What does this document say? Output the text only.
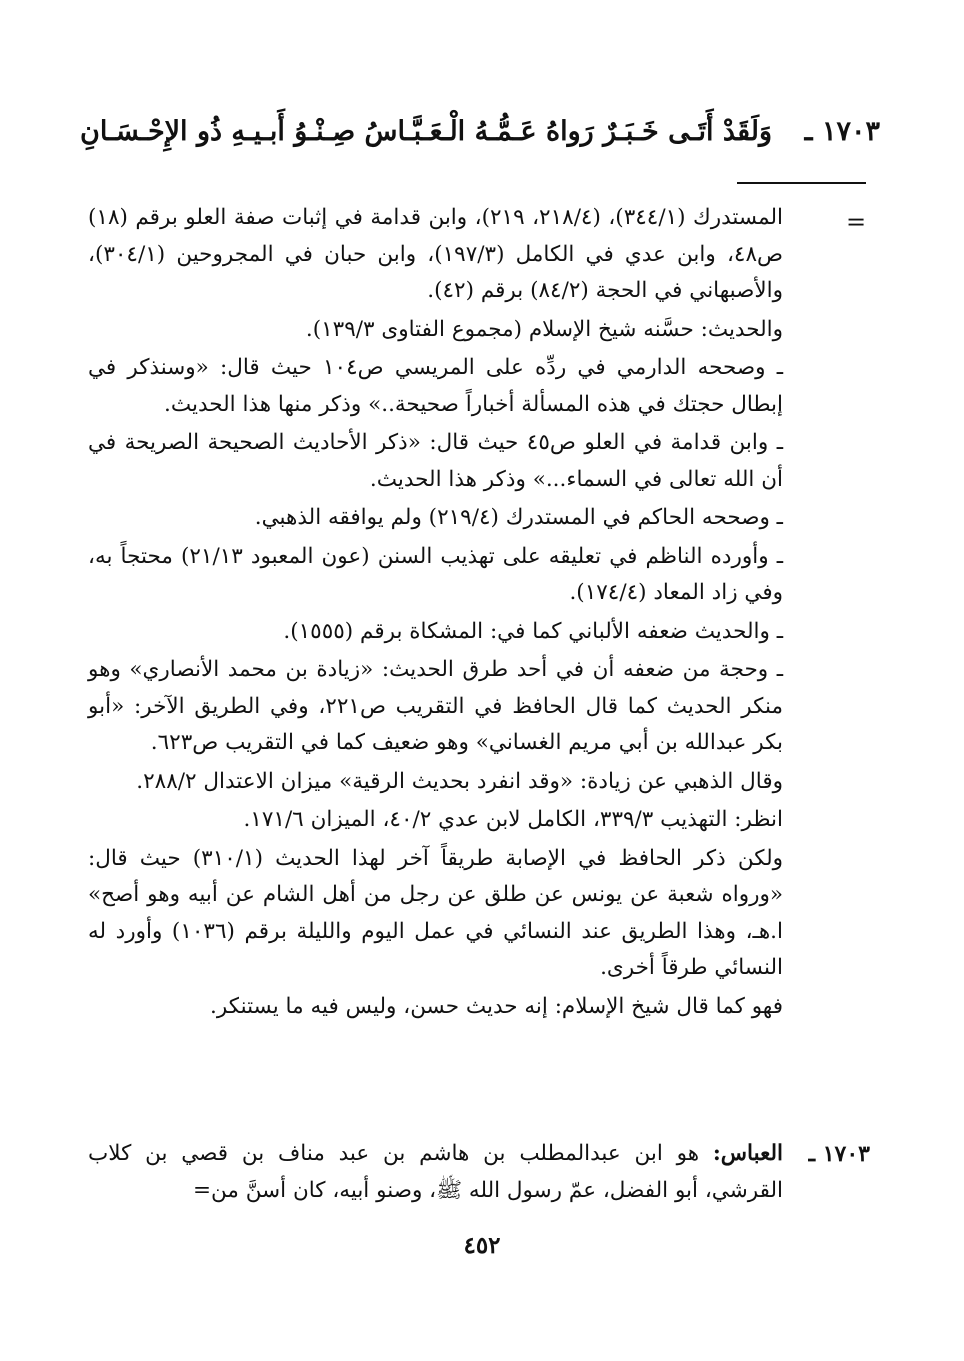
١٧٠٣ ـ
وَلَقَدْ أَتَـى خَـبَـرٌ رَواهُ عَـمُّـهُ الْـ
ـعَـبَّـاسُ صِـنْـوُ أَبـيـهِ ذُو الإِحْـسَـانِ
=

المستدرك (٣٤٤/١)، (٢١٨/٤، ٢١٩)، وابن قدامة في إثبات صفة العلو برقم (١٨) ص٤٨، وابن عدي في الكامل (١٩٧/٣)، وابن حبان في المجروحين (٣٠٤/١)، والأصبهاني في الحجة (٨٤/٢) برقم (٤٢).

والحديث: حسَّنه شيخ الإسلام (مجموع الفتاوى ١٣٩/٣).

ـ وصححه الدارمي في ردِّه على المريسي ص١٠٤ حيث قال: «وسنذكر في إبطال حجتك في هذه المسألة أخباراً صحيحة..» وذكر منها هذا الحديث.

ـ وابن قدامة في العلو ص٤٥ حيث قال: «ذكر الأحاديث الصحيحة الصريحة في أن الله تعالى في السماء...» وذكر هذا الحديث.

ـ وصححه الحاكم في المستدرك (٢١٩/٤) ولم يوافقه الذهبي.

ـ وأورده الناظم في تعليقه على تهذيب السنن (عون المعبود ٢١/١٣) محتجاً به، وفي زاد المعاد (١٧٤/٤).

ـ والحديث ضعفه الألباني كما في: المشكاة برقم (١٥٥٥).

ـ وحجة من ضعفه أن في أحد طرق الحديث: «زيادة بن محمد الأنصاري» وهو منكر الحديث كما قال الحافظ في التقريب ص٢٢١، وفي الطريق الآخر: «أبو بكر عبدالله بن أبي مريم الغساني» وهو ضعيف كما في التقريب ص٦٢٣.

وقال الذهبي عن زيادة: «وقد انفرد بحديث الرقية» ميزان الاعتدال ٢٨٨/٢.

انظر: التهذيب ٣٣٩/٣، الكامل لابن عدي ٤٠/٢، الميزان ١٧١/٦.

ولكن ذكر الحافظ في الإصابة طريقاً آخر لهذا الحديث (٣١٠/١) حيث قال: «ورواه شعبة عن يونس عن طلق عن رجل من أهل الشام عن أبيه وهو أصح» ا.هـ، وهذا الطريق عند النسائي في عمل اليوم والليلة برقم (١٠٣٦) وأورد له النسائي طرقاً أخرى.

فهو كما قال شيخ الإسلام: إنه حديث حسن، وليس فيه ما يستنكر.

١٧٠٣ ـ
العباس: هو ابن عبدالمطلب بن هاشم بن عبد مناف بن قصي بن كلاب القرشي، أبو الفضل، عمّ رسول الله ﷺ، وصنو أبيه، كان أسنَّ من=
٤٥٢
